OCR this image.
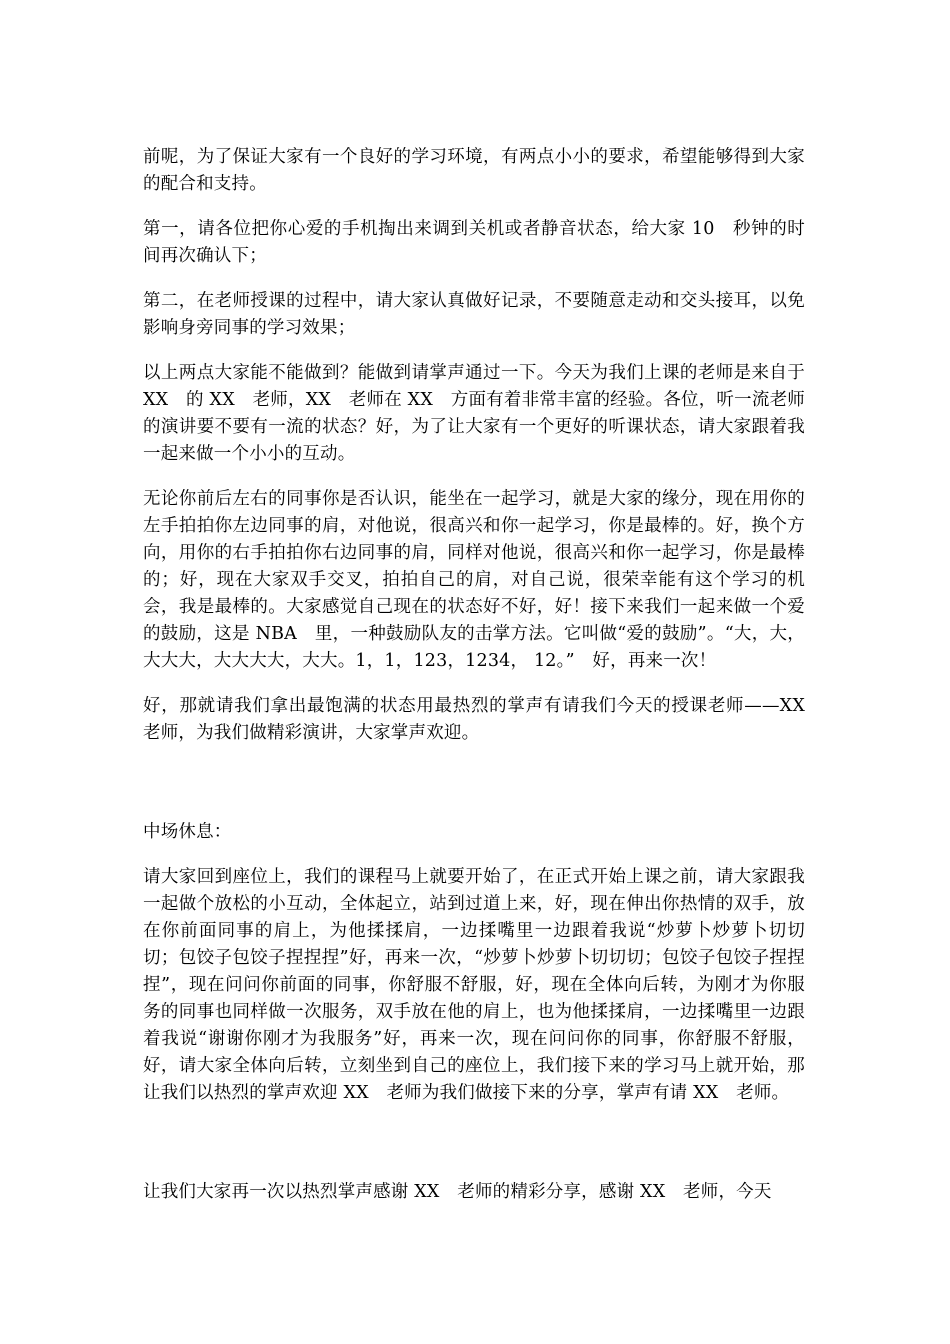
前呢，为了保证大家有一个良好的学习环境，有两点小小的要求，希望能够得到大家的配合和支持。

第一，请各位把你心爱的手机掏出来调到关机或者静音状态，给大家 10　秒钟的时间再次确认下；

第二，在老师授课的过程中，请大家认真做好记录，不要随意走动和交头接耳，以免影响身旁同事的学习效果；

以上两点大家能不能做到？能做到请掌声通过一下。今天为我们上课的老师是来自于 XX　的 XX　老师，XX　老师在 XX　方面有着非常丰富的经验。各位，听一流老师的演讲要不要有一流的状态？好，为了让大家有一个更好的听课状态，请大家跟着我一起来做一个小小的互动。

无论你前后左右的同事你是否认识，能坐在一起学习，就是大家的缘分，现在用你的左手拍拍你左边同事的肩，对他说，很高兴和你一起学习，你是最棒的。好，换个方向，用你的右手拍拍你右边同事的肩，同样对他说，很高兴和你一起学习，你是最棒的；好，现在大家双手交叉，拍拍自己的肩，对自己说，很荣幸能有这个学习的机会，我是最棒的。大家感觉自己现在的状态好不好，好！接下来我们一起来做一个爱的鼓励，这是 NBA　里，一种鼓励队友的击掌方法。它叫做“爱的鼓励”。“大，大，大大大，大大大大，大大。1，1，123，1234， 12。”　好，再来一次！

好，那就请我们拿出最饱满的状态用最热烈的掌声有请我们今天的授课老师——XX 老师，为我们做精彩演讲，大家掌声欢迎。

中场休息：

请大家回到座位上，我们的课程马上就要开始了，在正式开始上课之前，请大家跟我一起做个放松的小互动，全体起立，站到过道上来，好，现在伸出你热情的双手，放在你前面同事的肩上，为他揉揉肩，一边揉嘴里一边跟着我说“炒萝卜炒萝卜切切切；包饺子包饺子捏捏捏”好，再来一次，“炒萝卜炒萝卜切切切；包饺子包饺子捏捏捏”，现在问问你前面的同事，你舒服不舒服，好，现在全体向后转，为刚才为你服务的同事也同样做一次服务，双手放在他的肩上，也为他揉揉肩，一边揉嘴里一边跟着我说“谢谢你刚才为我服务”好，再来一次，现在问问你的同事，你舒服不舒服，好，请大家全体向后转，立刻坐到自己的座位上，我们接下来的学习马上就开始，那让我们以热烈的掌声欢迎 XX　老师为我们做接下来的分享，掌声有请 XX　老师。

让我们大家再一次以热烈掌声感谢 XX　老师的精彩分享，感谢 XX　老师，今天
